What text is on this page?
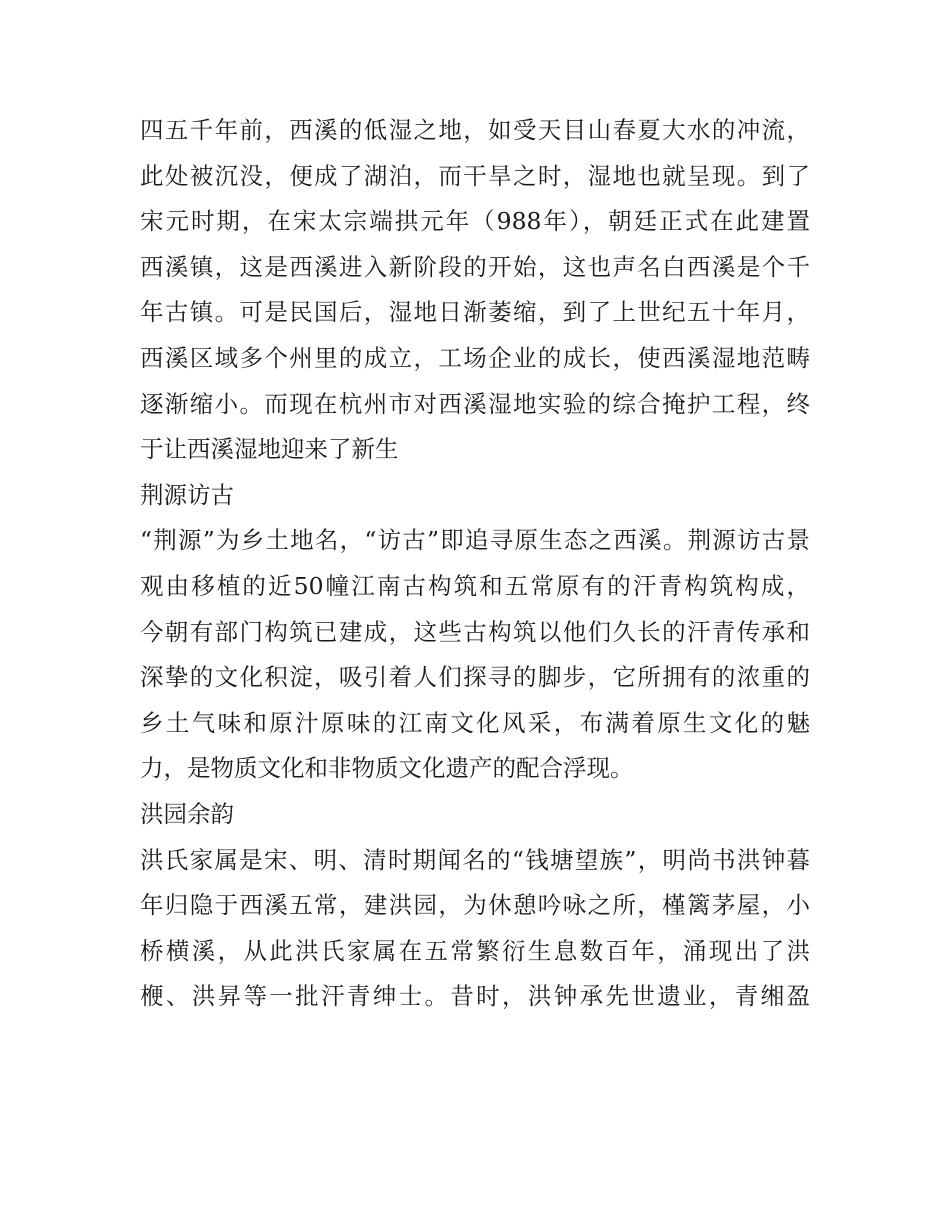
四五千年前，西溪的低湿之地，如受天目山春夏大水的冲流，
此处被沉没，便成了湖泊，而干旱之时，湿地也就呈现。到了
宋元时期，在宋太宗端拱元年（988年），朝廷正式在此建置
西溪镇，这是西溪进入新阶段的开始，这也声名白西溪是个千
年古镇。可是民国后，湿地日渐萎缩，到了上世纪五十年月，
西溪区域多个州里的成立，工场企业的成长，使西溪湿地范畴
逐渐缩小。而现在杭州市对西溪湿地实验的综合掩护工程，终
于让西溪湿地迎来了新生
荆源访古
“荆源”为乡土地名，“访古”即追寻原生态之西溪。荆源访古景
观由移植的近50幢江南古构筑和五常原有的汗青构筑构成，
今朝有部门构筑已建成，这些古构筑以他们久长的汗青传承和
深挚的文化积淀，吸引着人们探寻的脚步，它所拥有的浓重的
乡土气味和原汁原味的江南文化风采，布满着原生文化的魅
力，是物质文化和非物质文化遗产的配合浮现。
洪园余韵
洪氏家属是宋、明、清时期闻名的“钱塘望族”，明尚书洪钟暮
年归隐于西溪五常，建洪园，为休憩吟咏之所，槿篱茅屋，小
桥横溪，从此洪氏家属在五常繁衍生息数百年，涌现出了洪
楩、洪昇等一批汗青绅士。昔时，洪钟承先世遗业，青缃盈
